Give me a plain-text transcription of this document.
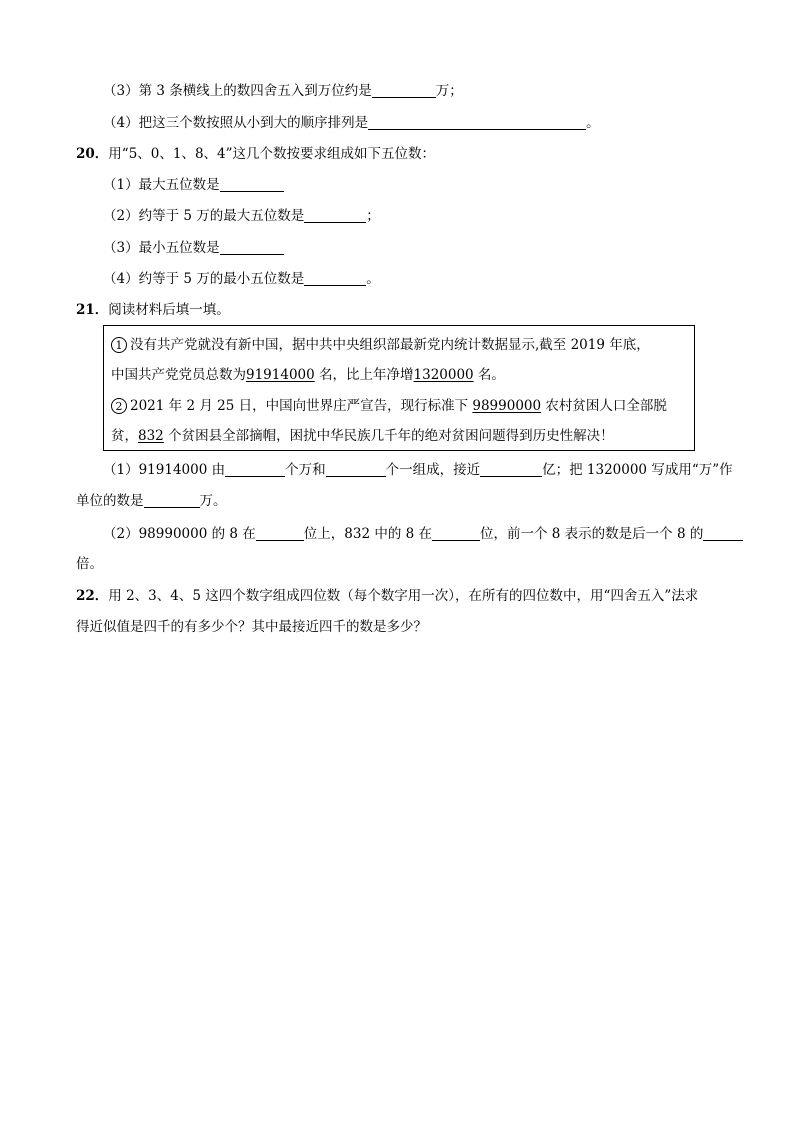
（3）第 3 条横线上的数四舍五入到万位约是	万；
（4）把这三个数按照从小到大的顺序排列是	。
20．用“5、0、1、8、4”这几个数按要求组成如下五位数：
（1）最大五位数是
（2）约等于 5 万的最大五位数是	；
（3）最小五位数是
（4）约等于 5 万的最小五位数是	。
21．阅读材料后填一填。
1 没有共产党就没有新中国，据中共中央组织部最新党内统计数据显示,截至 2019 年底，
中国共产党党员总数为91914000 名，比上年净增1320000 名。
2 2021 年 2 月 25 日，中国向世界庄严宣告，现行标准下 98990000 农村贫困人口全部脱
贫，832 个贫困县全部摘帽，困扰中华民族几千年的绝对贫困问题得到历史性解决！
（1）91914000 由	个万和	个一组成，接近	亿；把 1320000 写成用“万”作
单位的数是	万。
（2）98990000 的 8 在	位上，832 中的 8 在	位，前一个 8 表示的数是后一个 8 的
倍。
22．用 2、3、4、5 这四个数字组成四位数（每个数字用一次），在所有的四位数中，用“四舍五入”法求
得近似值是四千的有多少个？其中最接近四千的数是多少？
